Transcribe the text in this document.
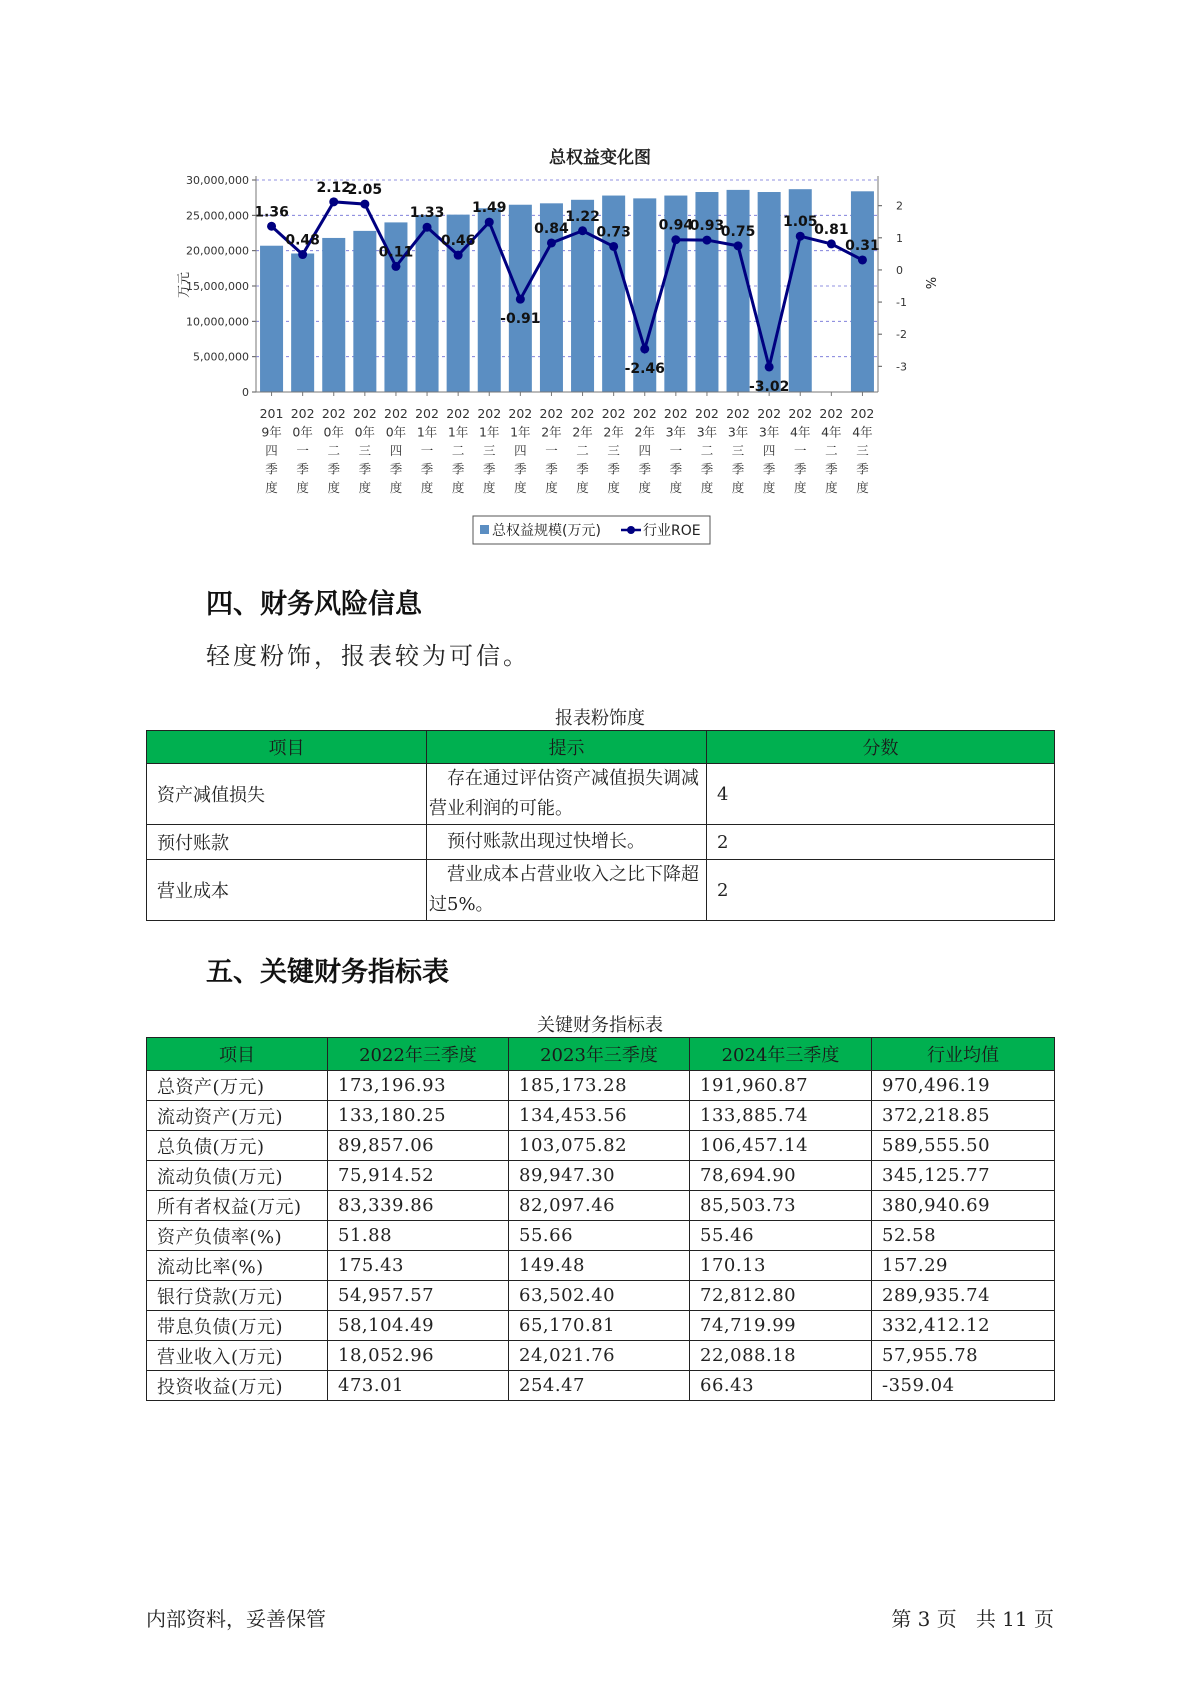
总权益变化图
1.36
0.48
2.12
2.05
0.11
1.33
0.46
1.49
-0.91
0.84
1.22
0.73
-2.46
0.94
0.93
0.75
-3.02
1.05
0.81
0.31
0
5,000,000
10,000,000
15,000,000
20,000,000
25,000,000
30,000,000
-3
-2
-1
0
1
2
201 9年四季度
202 0年一季度
202 0年二季度
202 0年三季度
202 0年四季度
202 1年一季度
202 1年二季度
202 1年三季度
202 1年四季度
202 2年一季度
202 2年二季度
202 2年三季度
202 2年四季度
202 3年一季度
202 3年二季度
202 3年三季度
202 3年四季度
202 4年一季度
202 4年二季度
202 4年三季度
万元	%
总权益规模(万元)	行业ROE
四、财务风险信息

轻度粉饰，报表较为可信。

报表粉饰度
项目	提示	分数
资产减值损失	存在通过评估资产减值损失调减营业利润的可能。	4
预付账款	预付账款出现过快增长。	2
营业成本	营业成本占营业收入之比下降超过5%。	2
五、关键财务指标表
关键财务指标表
项目	2022年三季度	2023年三季度	2024年三季度	行业均值
总资产(万元)	173,196.93	185,173.28	191,960.87	970,496.19
流动资产(万元)	133,180.25	134,453.56	133,885.74	372,218.85
总负债(万元)	89,857.06	103,075.82	106,457.14	589,555.50
流动负债(万元)	75,914.52	89,947.30	78,694.90	345,125.77
所有者权益(万元)	83,339.86	82,097.46	85,503.73	380,940.69
资产负债率(%)	51.88	55.66	55.46	52.58
流动比率(%)	175.43	149.48	170.13	157.29
银行贷款(万元)	54,957.57	63,502.40	72,812.80	289,935.74
带息负债(万元)	58,104.49	65,170.81	74,719.99	332,412.12
营业收入(万元)	18,052.96	24,021.76	22,088.18	57,955.78
投资收益(万元)	473.01	254.47	66.43	-359.04
内部资料，妥善保管	第 3 页   共 11 页
